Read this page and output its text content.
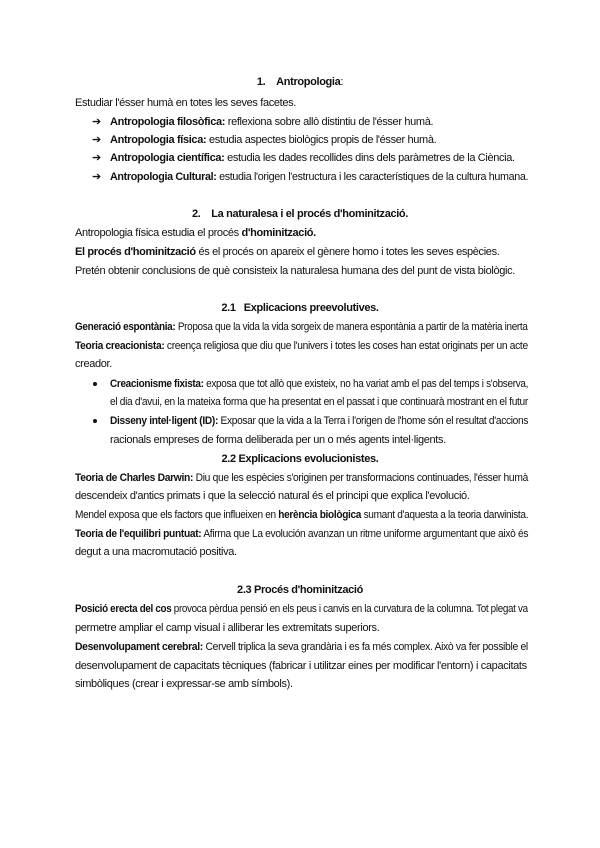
1. Antropologia:
Estudiar l'ésser humà en totes les seves facetes.
➔ Antropologia filosòfica: reflexiona sobre allò distintiu de l'ésser humà.
➔ Antropologia física: estudia aspectes biològics propis de l'ésser humà.
➔ Antropologia científica: estudia les dades recollides dins dels paràmetres de la Ciència.
➔ Antropologia Cultural: estudia l'origen l'estructura i les característiques de la cultura humana.
2. La naturalesa i el procés d'hominització.
Antropologia física estudia el procés d'hominització.
El procés d'hominització és el procés on apareix el gènere homo i totes les seves espècies.
Pretén obtenir conclusions de què consisteix la naturalesa humana des del punt de vista biològic.
2.1 Explicacions preevolutives.
Generació espontània: Proposa que la vida la vida sorgeix de manera espontània a partir de la matèria inerta
Teoria creacionista: creença religiosa que diu que l'univers i totes les coses han estat originats per un acte
creador.
Creacionisme fixista: exposa que tot allò que existeix, no ha variat amb el pas del temps i s'observa,
el dia d'avui, en la mateixa forma que ha presentat en el passat i que continuarà mostrant en el futur
Disseny intel·ligent (ID): Exposar que la vida a la Terra i l'origen de l'home són el resultat d'accions
racionals empreses de forma deliberada per un o més agents intel·ligents.
2.2 Explicacions evolucionistes.
Teoria de Charles Darwin: Diu que les espècies s'originen per transformacions continuades, l'ésser humà
descendeix d'antics primats i que la selecció natural és el principi que explica l'evolució.
Mendel exposa que els factors que influeixen en herència biològica sumant d'aquesta a la teoria darwinista.
Teoria de l'equilibri puntuat: Afirma que La evolución avanzan un ritme uniforme argumentant que això és
degut a una macromutació positiva.
2.3 Procés d'hominització
Posició erecta del cos provoca pèrdua pensió en els peus i canvis en la curvatura de la columna. Tot plegat va
permetre ampliar el camp visual i alliberar les extremitats superiors.
Desenvolupament cerebral: Cervell triplica la seva grandària i es fa més complex. Això va fer possible el
desenvolupament de capacitats tècniques (fabricar i utilitzar eines per modificar l'entorn) i capacitats
simbòliques (crear i expressar-se amb símbols).
